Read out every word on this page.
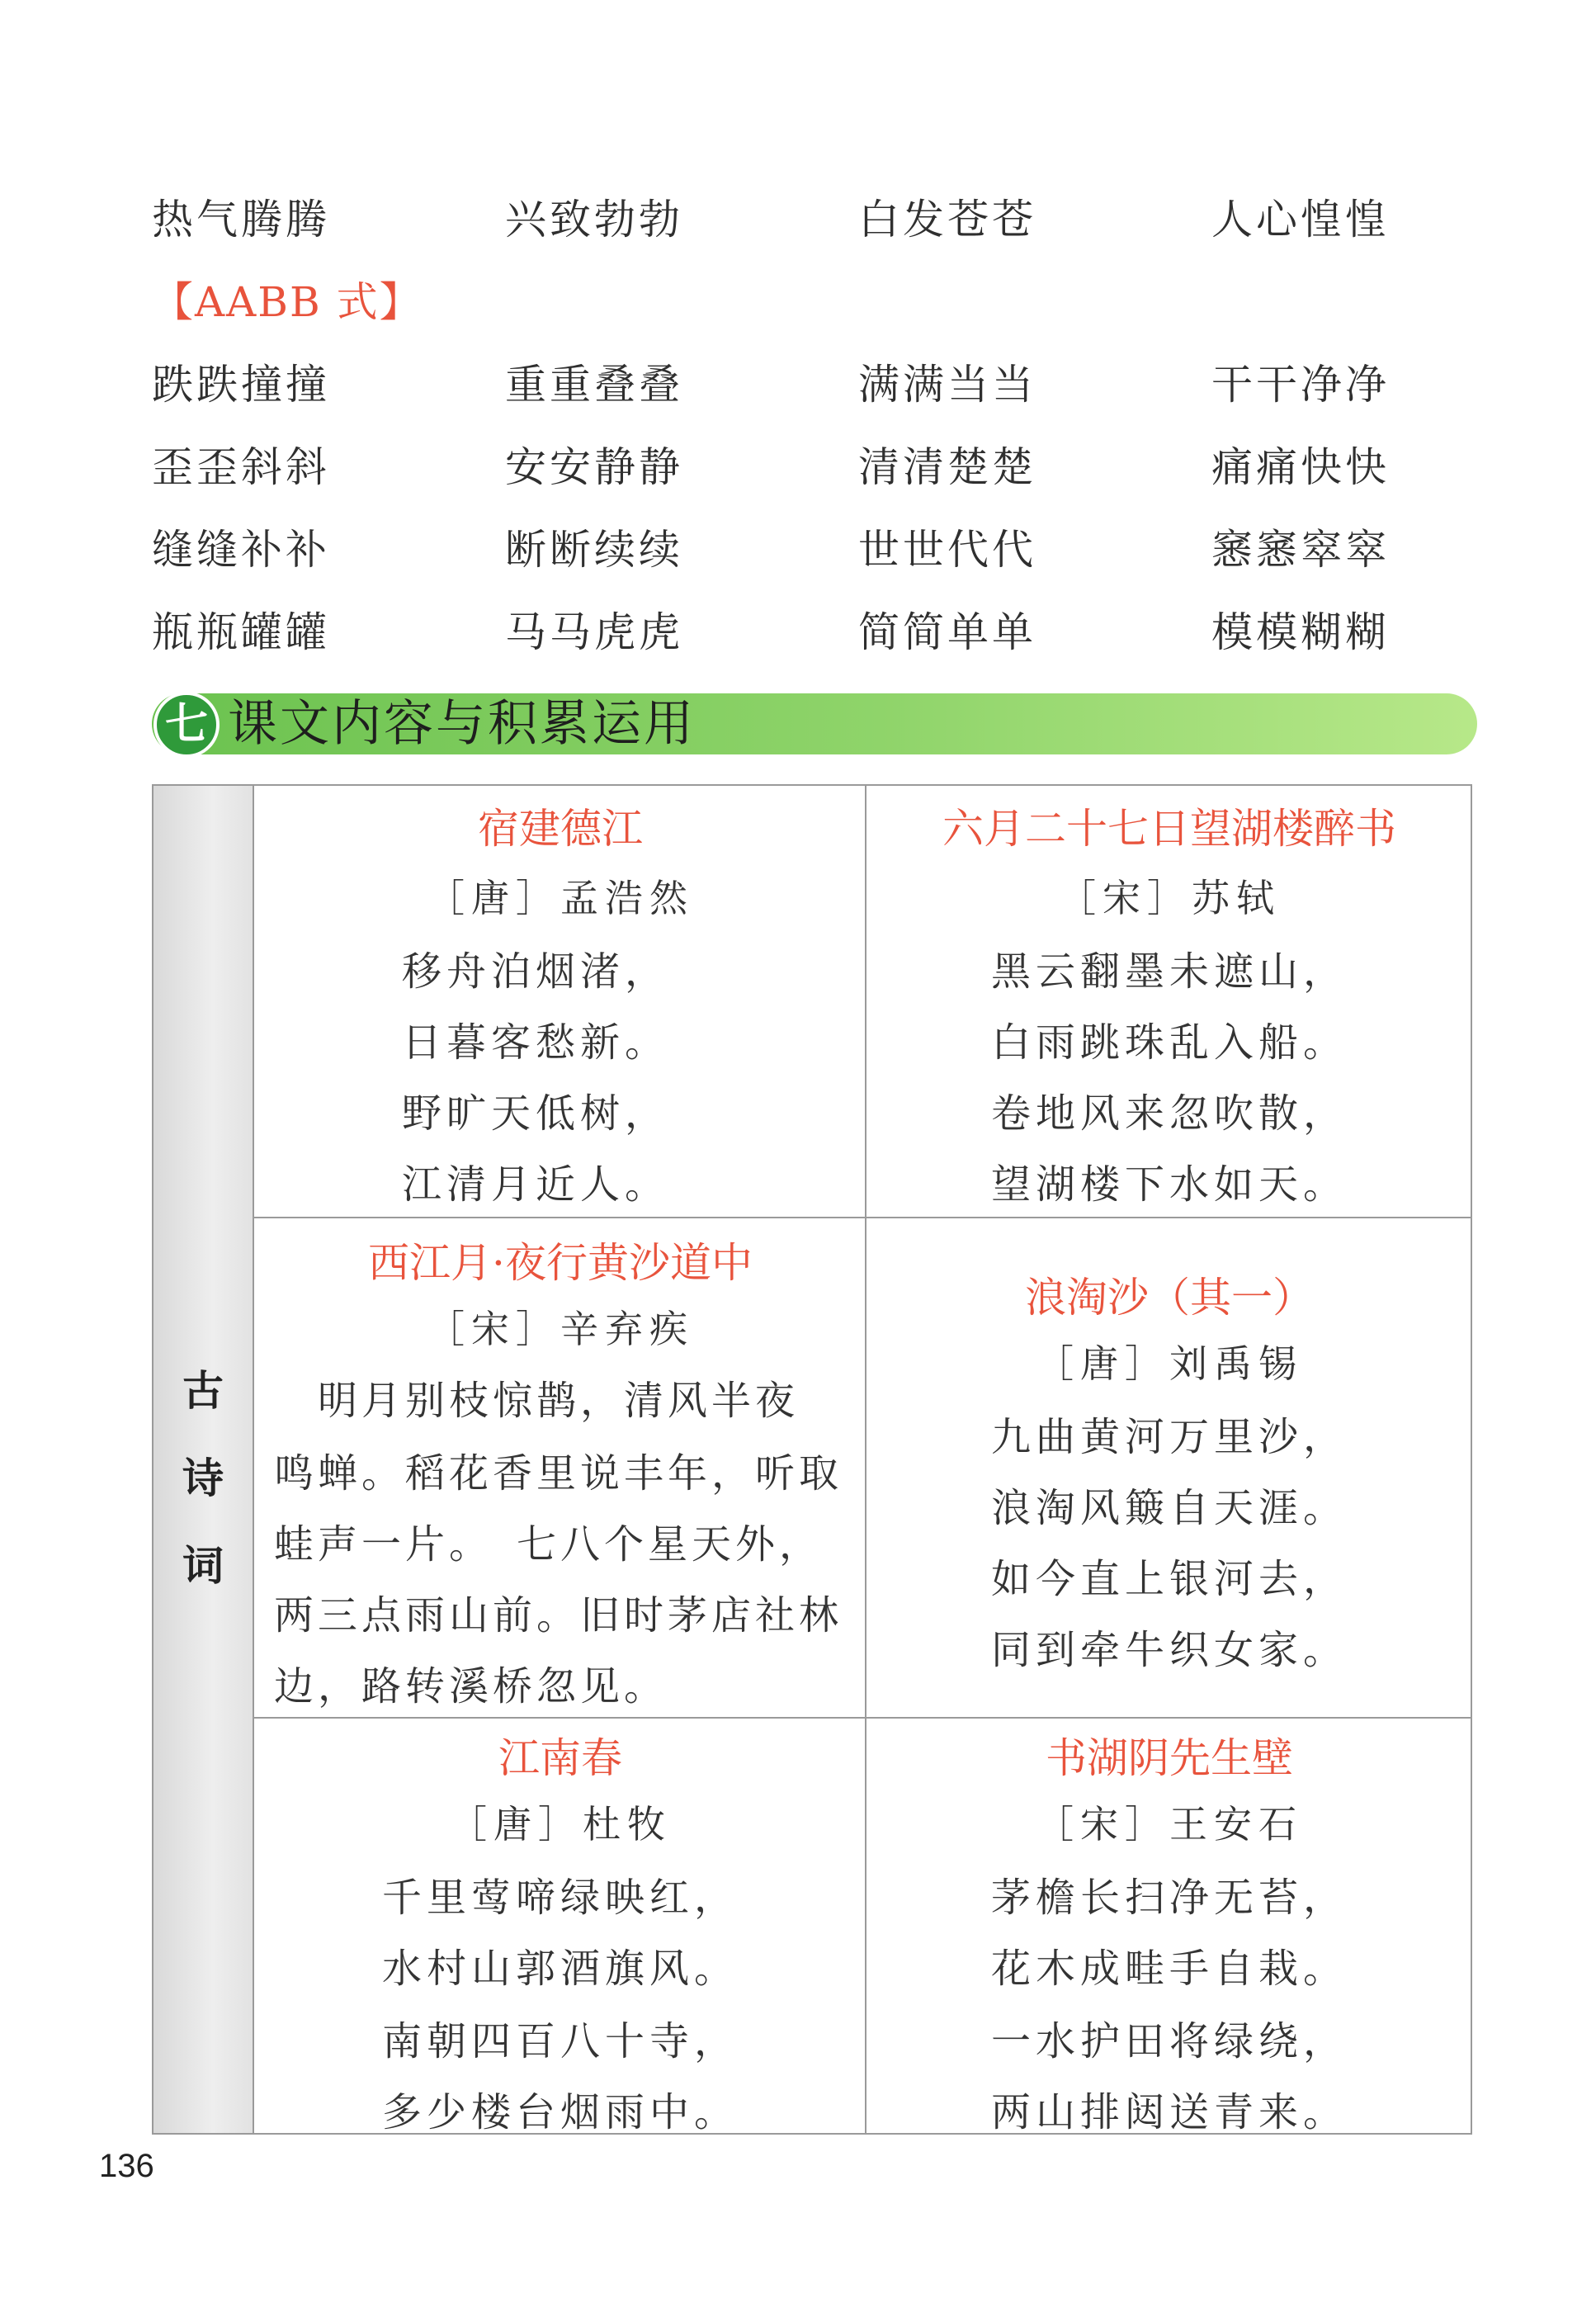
热气腾腾	兴致勃勃	白发苍苍	人心惶惶
【AABB 式】
跌跌撞撞	重重叠叠	满满当当	干干净净
歪歪斜斜	安安静静	清清楚楚	痛痛快快
缝缝补补	断断续续	世世代代	窸窸窣窣
瓶瓶罐罐	马马虎虎	简简单单	模模糊糊
七 课文内容与积累运用
古
诗
词
宿建德江
［唐］孟浩然
移舟泊烟渚，
日暮客愁新。
野旷天低树，
江清月近人。
六月二十七日望湖楼醉书
［宋］苏轼
黑云翻墨未遮山，
白雨跳珠乱入船。
卷地风来忽吹散，
望湖楼下水如天。
西江月·夜行黄沙道中
［宋］辛弃疾
　明月别枝惊鹊，清风半夜
鸣蝉。稻花香里说丰年，听取
蛙声一片。　七八个星天外，
两三点雨山前。旧时茅店社林
边，路转溪桥忽见。
浪淘沙（其一）
［唐］刘禹锡
九曲黄河万里沙，
浪淘风簸自天涯。
如今直上银河去，
同到牵牛织女家。
江南春
［唐］杜牧
千里莺啼绿映红，
水村山郭酒旗风。
南朝四百八十寺，
多少楼台烟雨中。
书湖阴先生壁
［宋］王安石
茅檐长扫净无苔，
花木成畦手自栽。
一水护田将绿绕，
两山排闼送青来。
136
